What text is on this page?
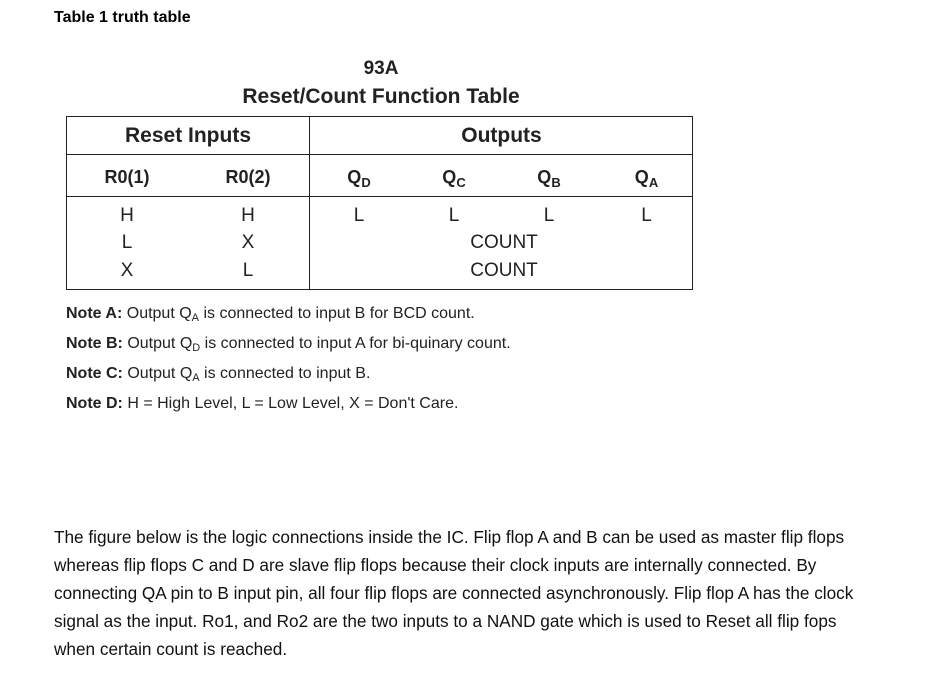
Table 1 truth table
93A
Reset/Count Function Table
Reset Inputs	Outputs
R0(1)	R0(2)	$Q_D$	$Q_C$	$Q_B$	$Q_A$
H	H	L	L	L	L
L	X	COUNT
X	L	COUNT
Note A: Output $Q_A$ is connected to input B for BCD count.
Note B: Output $Q_D$ is connected to input A for bi-quinary count.
Note C: Output $Q_A$ is connected to input B.
Note D: H = High Level, L = Low Level, X = Don't Care.
The figure below is the logic connections inside the IC. Flip flop A and B can be used as master flip flops whereas flip flops C and D are slave flip flops because their clock inputs are internally connected. By connecting QA pin to B input pin, all four flip flops are connected asynchronously. Flip flop A has the clock signal as the input. Ro1, and Ro2 are the two inputs to a NAND gate which is used to Reset all flip fops when certain count is reached.
